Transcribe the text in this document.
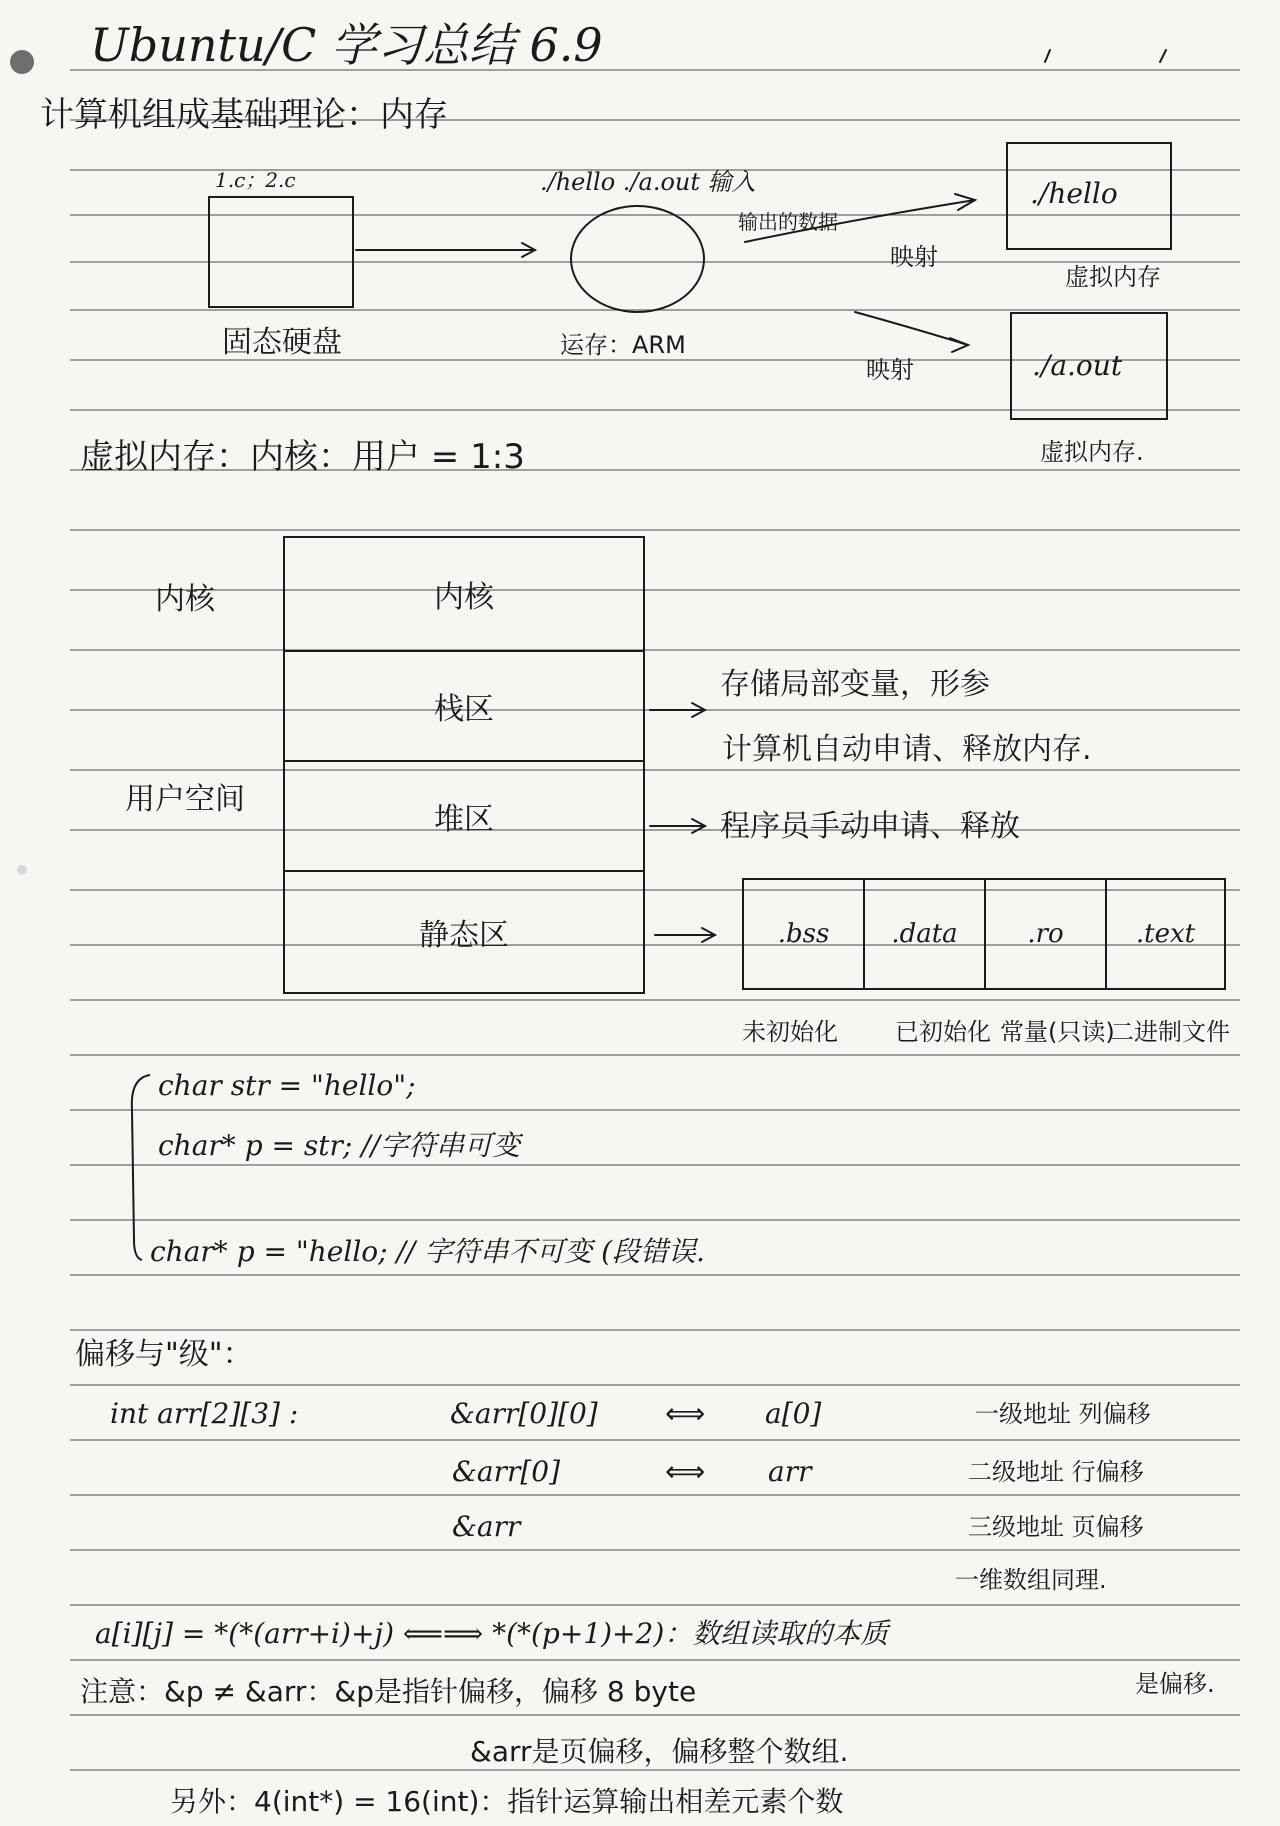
Ubuntu/C 学习总结 6.9
计算机组成基础理论：内存
1.c；2.c
固态硬盘
./hello ./a.out 输入
输出的数据
运存：ARM
映射
./hello
虚拟内存
映射	./a.out
虚拟内存.
虚拟内存：内核：用户 = 1:3
内核
用户空间
内核
栈区
堆区
静态区
存储局部变量，形参
计算机自动申请、释放内存.
程序员手动申请、释放
.bss	.data	.ro	.text
未初始化 已初始化 常量(只读)
二进制文件
char str = "hello";
char* p = str; //字符串可变
char* p = "hello; // 字符串不可变 (段错误.
偏移与"级"：
int arr[2][3] :	&arr[0][0] ⟺ a[0]	一级地址 列偏移
&arr[0]	⟺ arr	二级地址 行偏移
&arr	三级地址 页偏移
一维数组同理.
a[i][j] = *(*(arr+i)+j) ⟸⟹ *(*(p+1)+2)：数组读取的本质
是偏移.
注意：&p ≠ &arr：&p是指针偏移，偏移 8 byte
&arr是页偏移，偏移整个数组.
另外：4(int*) = 16(int)：指针运算输出相差元素个数
